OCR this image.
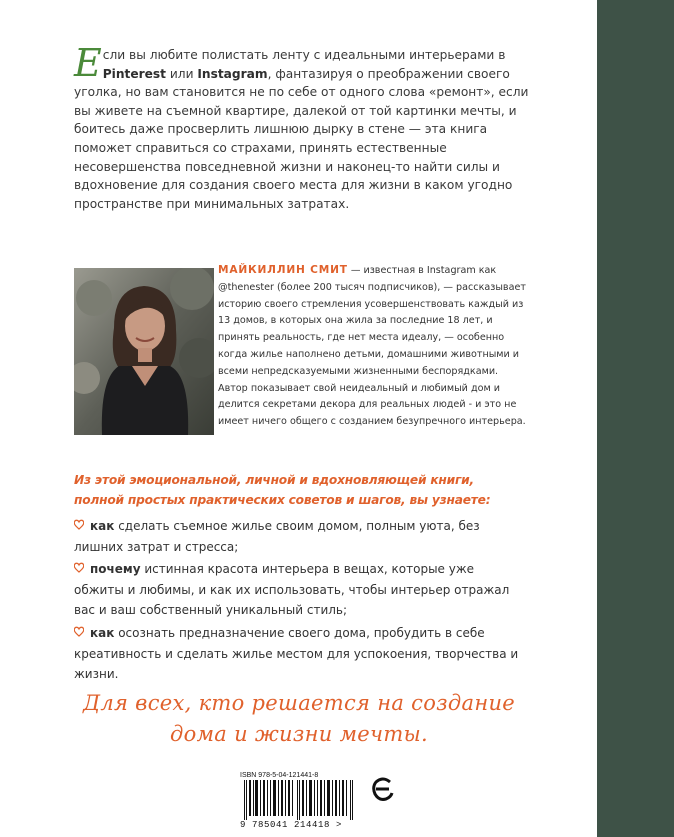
Если вы любите полистать ленту с идеальными интерьерами в Pinterest или Instagram, фантазируя о преображении своего уголка, но вам становится не по себе от одного слова «ремонт», если вы живете на съемной квартире, далекой от той картинки мечты, и боитесь даже просверлить лишнюю дырку в стене — эта книга поможет справиться со страхами, принять естественные несовершенства повседневной жизни и наконец-то найти силы и вдохновение для создания своего места для жизни в каком угодно пространстве при минимальных затратах.
МАЙКИЛЛИН СМИТ — известная в Instagram как @thenester (более 200 тысяч подписчиков), — рассказывает историю своего стремления усовершенствовать каждый из 13 домов, в которых она жила за последние 18 лет, и принять реальность, где нет места идеалу, — особенно когда жилье наполнено детьми, домашними животными и всеми непредсказуемыми жизненными беспорядками. Автор показывает свой неидеальный и любимый дом и делится секретами декора для реальных людей - и это не имеет ничего общего с созданием безупречного интерьера.
Из этой эмоциональной, личной и вдохновляющей книги, полной простых практических советов и шагов, вы узнаете:
как сделать съемное жилье своим домом, полным уюта, без лишних затрат и стресса;
почему истинная красота интерьера в вещах, которые уже обжиты и любимы, и как их использовать, чтобы интерьер отражал вас и ваш собственный уникальный стиль;
как осознать предназначение своего дома, пробудить в себе креативность и сделать жилье местом для успокоения, творчества и жизни.
Для всех, кто решается на создание дома и жизни мечты.
ISBN 978-5-04-121441-8
9 785041 214418 >
